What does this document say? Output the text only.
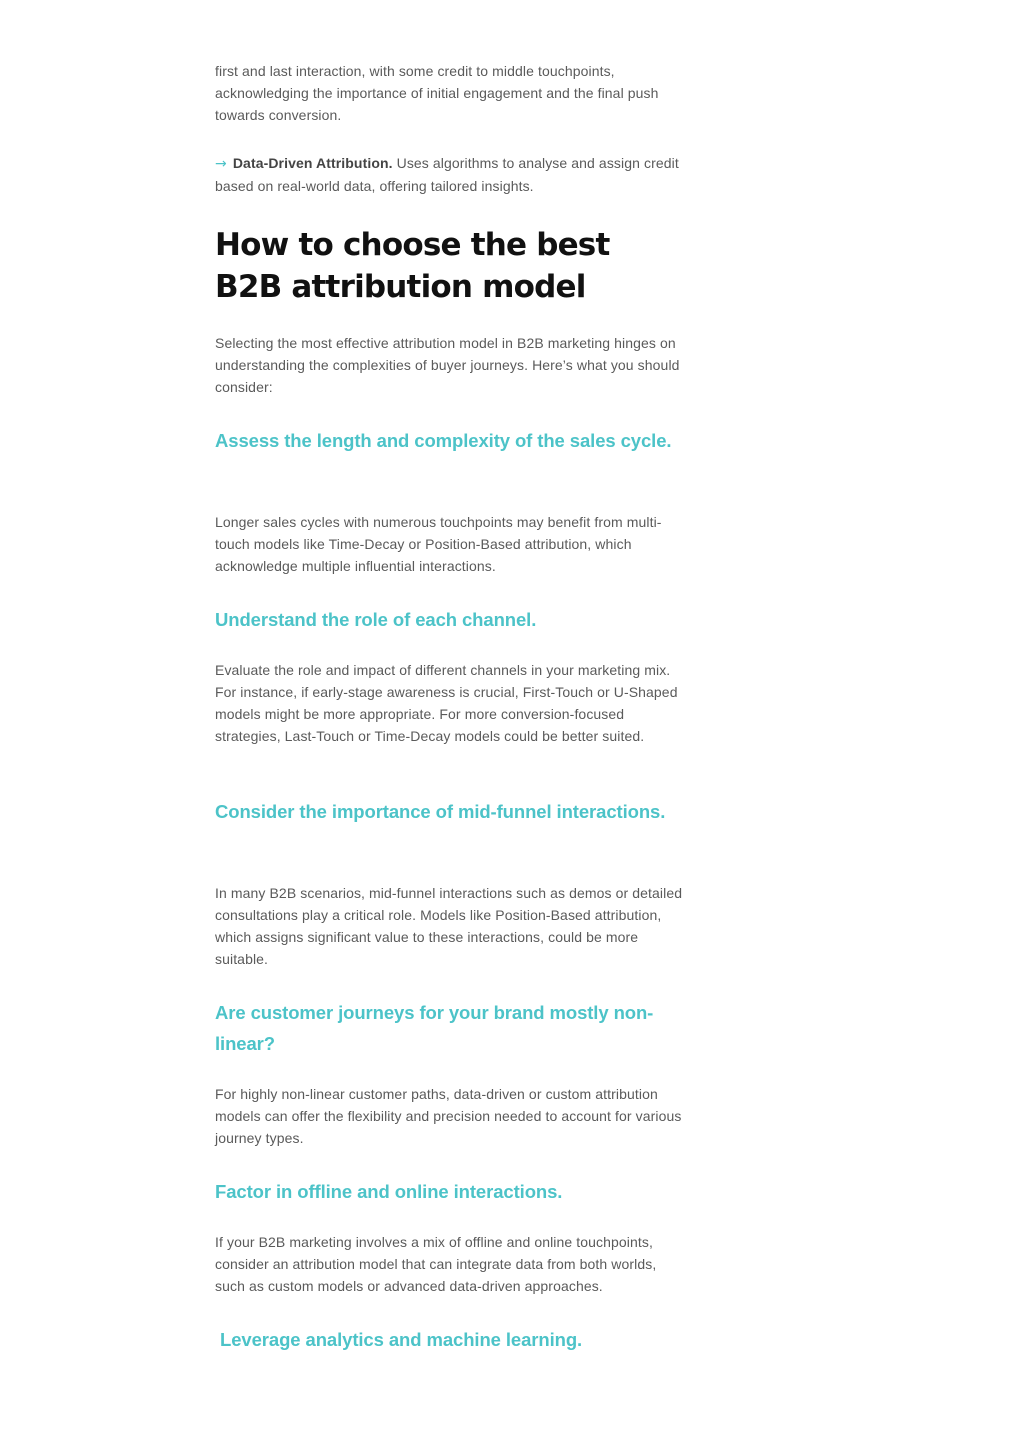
first and last interaction, with some credit to middle touchpoints, acknowledging the importance of initial engagement and the final push towards conversion.

→ Data-Driven Attribution. Uses algorithms to analyse and assign credit based on real-world data, offering tailored insights.

How to choose the best B2B attribution model

Selecting the most effective attribution model in B2B marketing hinges on understanding the complexities of buyer journeys. Here’s what you should consider:

Assess the length and complexity of the sales cycle.

Longer sales cycles with numerous touchpoints may benefit from multi-touch models like Time-Decay or Position-Based attribution, which acknowledge multiple influential interactions.

Understand the role of each channel.

Evaluate the role and impact of different channels in your marketing mix. For instance, if early-stage awareness is crucial, First-Touch or U-Shaped models might be more appropriate. For more conversion-focused strategies, Last-Touch or Time-Decay models could be better suited.

Consider the importance of mid-funnel interactions.

In many B2B scenarios, mid-funnel interactions such as demos or detailed consultations play a critical role. Models like Position-Based attribution, which assigns significant value to these interactions, could be more suitable.

Are customer journeys for your brand mostly non-linear?

For highly non-linear customer paths, data-driven or custom attribution models can offer the flexibility and precision needed to account for various journey types.

Factor in offline and online interactions.

If your B2B marketing involves a mix of offline and online touchpoints, consider an attribution model that can integrate data from both worlds, such as custom models or advanced data-driven approaches.

Leverage analytics and machine learning.
